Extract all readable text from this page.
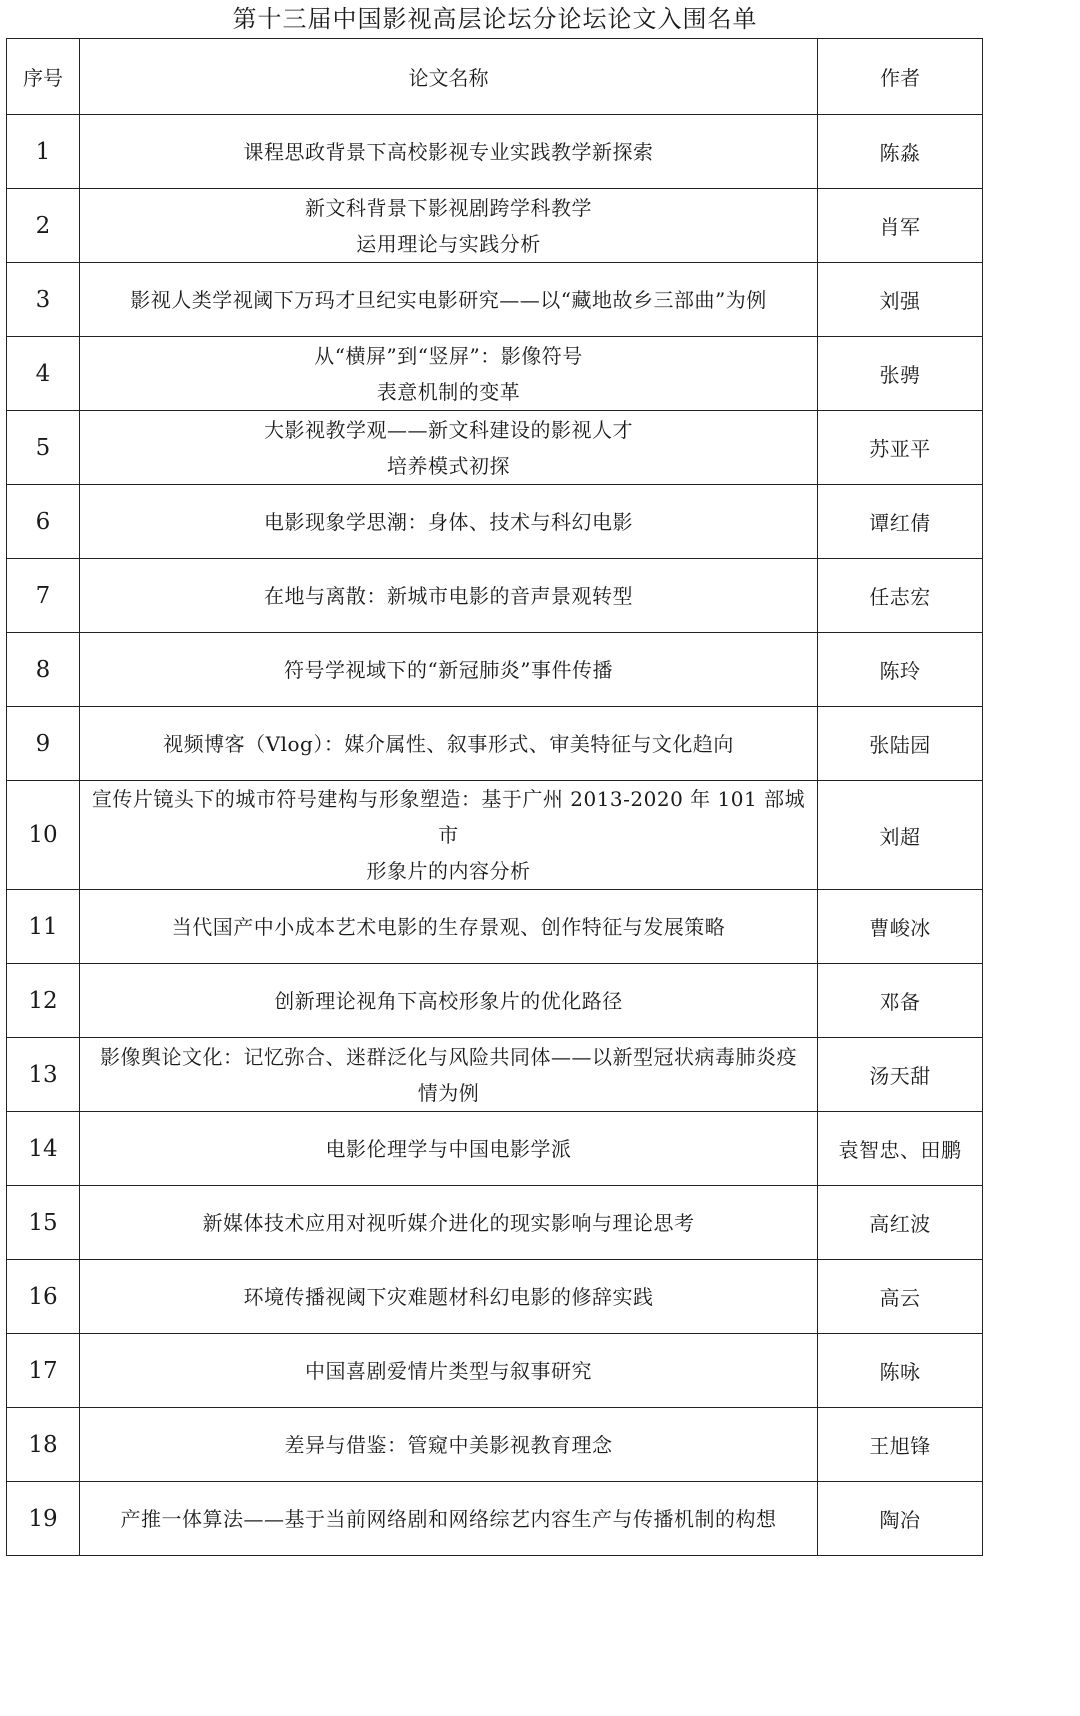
第十三届中国影视高层论坛分论坛论文入围名单
序号	论文名称	作者
1	课程思政背景下高校影视专业实践教学新探索	陈淼
2	新文科背景下影视剧跨学科教学
运用理论与实践分析	肖军
3	影视人类学视阈下万玛才旦纪实电影研究——以“藏地故乡三部曲”为例	刘强
4	从“横屏”到“竖屏”：影像符号
表意机制的变革	张骋
5	大影视教学观——新文科建设的影视人才
培养模式初探	苏亚平
6	电影现象学思潮：身体、技术与科幻电影	谭红倩
7	在地与离散：新城市电影的音声景观转型	任志宏
8	符号学视域下的“新冠肺炎”事件传播	陈玲
9	视频博客（Vlog）：媒介属性、叙事形式、审美特征与文化趋向	张陆园
10	宣传片镜头下的城市符号建构与形象塑造：基于广州 2013-2020 年 101 部城市
形象片的内容分析	刘超
11	当代国产中小成本艺术电影的生存景观、创作特征与发展策略	曹峻冰
12	创新理论视角下高校形象片的优化路径	邓备
13	影像舆论文化：记忆弥合、迷群泛化与风险共同体——以新型冠状病毒肺炎疫
情为例	汤天甜
14	电影伦理学与中国电影学派	袁智忠、田鹏
15	新媒体技术应用对视听媒介进化的现实影响与理论思考	高红波
16	环境传播视阈下灾难题材科幻电影的修辞实践	高云
17	中国喜剧爱情片类型与叙事研究	陈咏
18	差异与借鉴：管窥中美影视教育理念	王旭锋
19	产推一体算法——基于当前网络剧和网络综艺内容生产与传播机制的构想	陶冶
